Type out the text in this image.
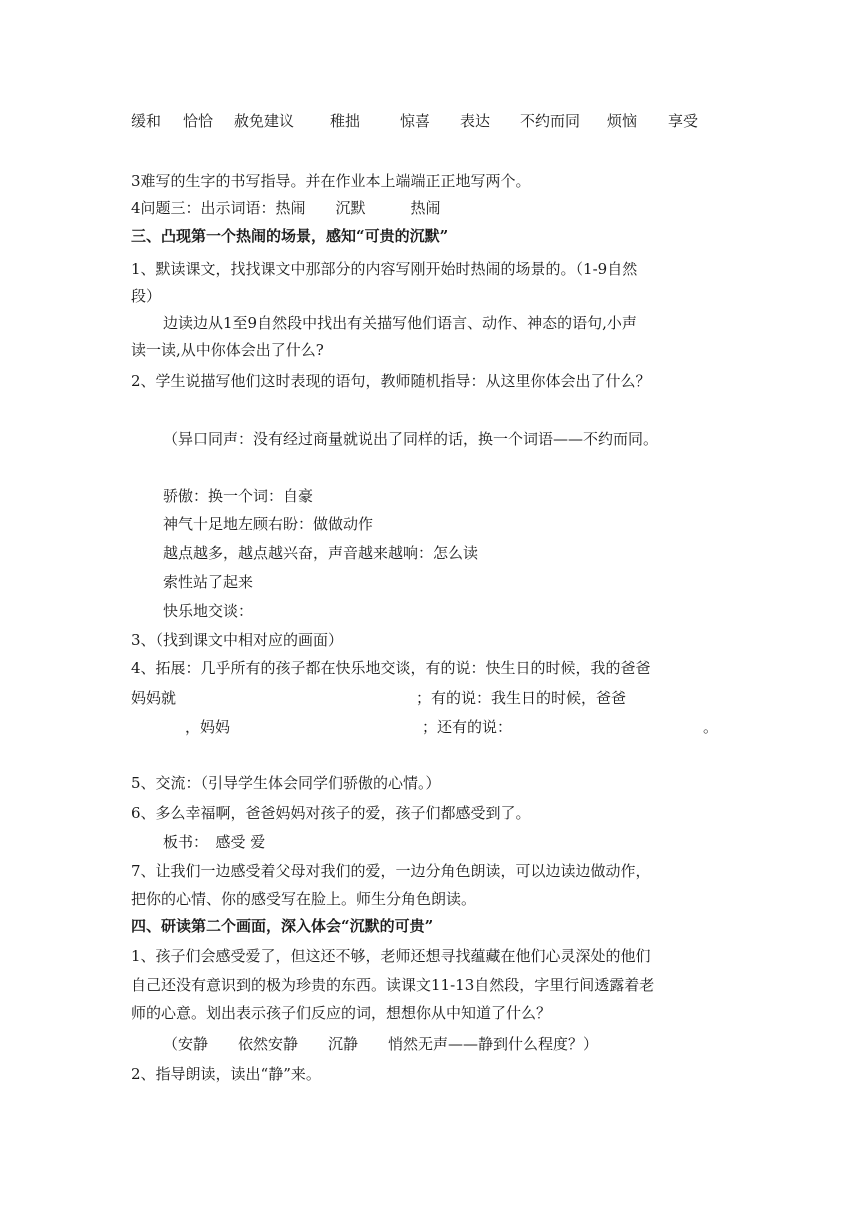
缓和 恰恰 赦免建议 稚拙	惊喜 表达 不约而同 烦恼 享受
3难写的生字的书写指导。并在作业本上端端正正地写两个。
4问题三：出示词语：热闹　　沉默　　　热闹
三、凸现第一个热闹的场景，感知“可贵的沉默”
1、默读课文，找找课文中那部分的内容写刚开始时热闹的场景的。（1-9自然
段）
边读边从1至9自然段中找出有关描写他们语言、动作、神态的语句,小声
读一读,从中你体会出了什么?
2、学生说描写他们这时表现的语句，教师随机指导：从这里你体会出了什么？
（异口同声：没有经过商量就说出了同样的话，换一个词语——不约而同。
骄傲：换一个词：自豪
神气十足地左顾右盼：做做动作
越点越多，越点越兴奋，声音越来越响：怎么读
索性站了起来
快乐地交谈：
3、（找到课文中相对应的画面）
4、拓展：几乎所有的孩子都在快乐地交谈，有的说：快生日的时候，我的爸爸
妈妈就	；有的说：我生日的时候，爸爸
，妈妈	；还有的说：	。
5、交流：（引导学生体会同学们骄傲的心情。）
6、多么幸福啊，爸爸妈妈对孩子的爱，孩子们都感受到了。
板书：　感受 爱
7、让我们一边感受着父母对我们的爱，一边分角色朗读，可以边读边做动作，
把你的心情、你的感受写在脸上。师生分角色朗读。
四、研读第二个画面，深入体会“沉默的可贵”
1、孩子们会感受爱了，但这还不够，老师还想寻找蕴藏在他们心灵深处的他们
自己还没有意识到的极为珍贵的东西。读课文11-13自然段，字里行间透露着老
师的心意。划出表示孩子们反应的词，想想你从中知道了什么？
（安静　　依然安静　　沉静　　悄然无声——静到什么程度？）
2、指导朗读，读出“静”来。
